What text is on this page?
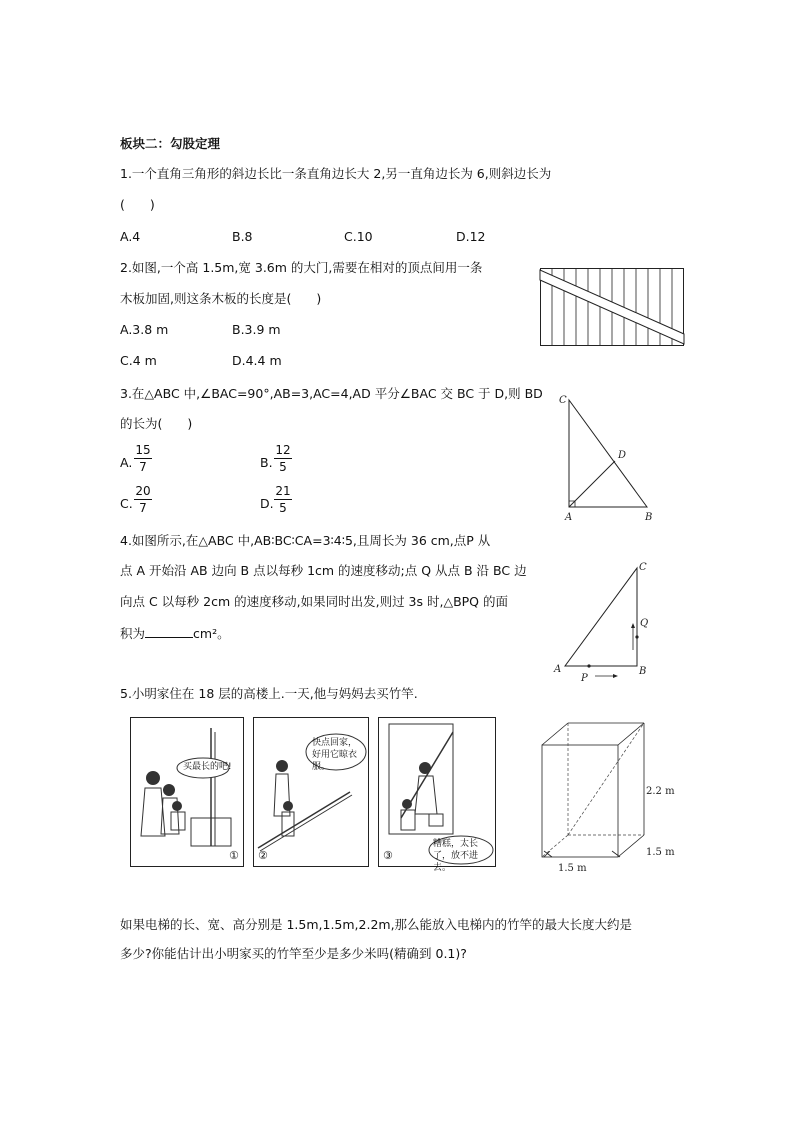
板块二：勾股定理
1.一个直角三角形的斜边长比一条直角边长大 2,另一直角边长为 6,则斜边长为
(　　)
A.4	B.8	C.10	D.12
2.如图,一个高 1.5m,宽 3.6m 的大门,需要在相对的顶点间用一条
木板加固,则这条木板的长度是(　　)
A.3.8 m	B.3.9 m
C.4 m	D.4.4 m
3.在△ABC 中,∠BAC=90°,AB=3,AC=4,AD 平分∠BAC 交 BC 于 D,则 BD
的长为(　　)
A.
15
7	B.
12
5
C.
20
7	D.
21
5
C
D
A	B
4.如图所示,在△ABC 中,AB∶BC∶CA=3∶4∶5,且周长为 36 cm,点P 从
点 A 开始沿 AB 边向 B 点以每秒 1cm 的速度移动;点 Q 从点 B 沿 BC 边
向点 C 以每秒 2cm 的速度移动,如果同时出发,则过 3s 时,△BPQ 的面
积为	cm²。
C
Q
A	B
P
5.小明家住在 18 层的高楼上.一天,他与妈妈去买竹竿.
买最长的吧!
①
快点回家，好用它晾衣服。
②
糟糕，太长了，放不进去。
③
2.2 m
1.5 m
1.5 m
如果电梯的长、宽、高分别是 1.5m,1.5m,2.2m,那么能放入电梯内的竹竿的最大长度大约是
多少?你能估计出小明家买的竹竿至少是多少米吗(精确到 0.1)?
